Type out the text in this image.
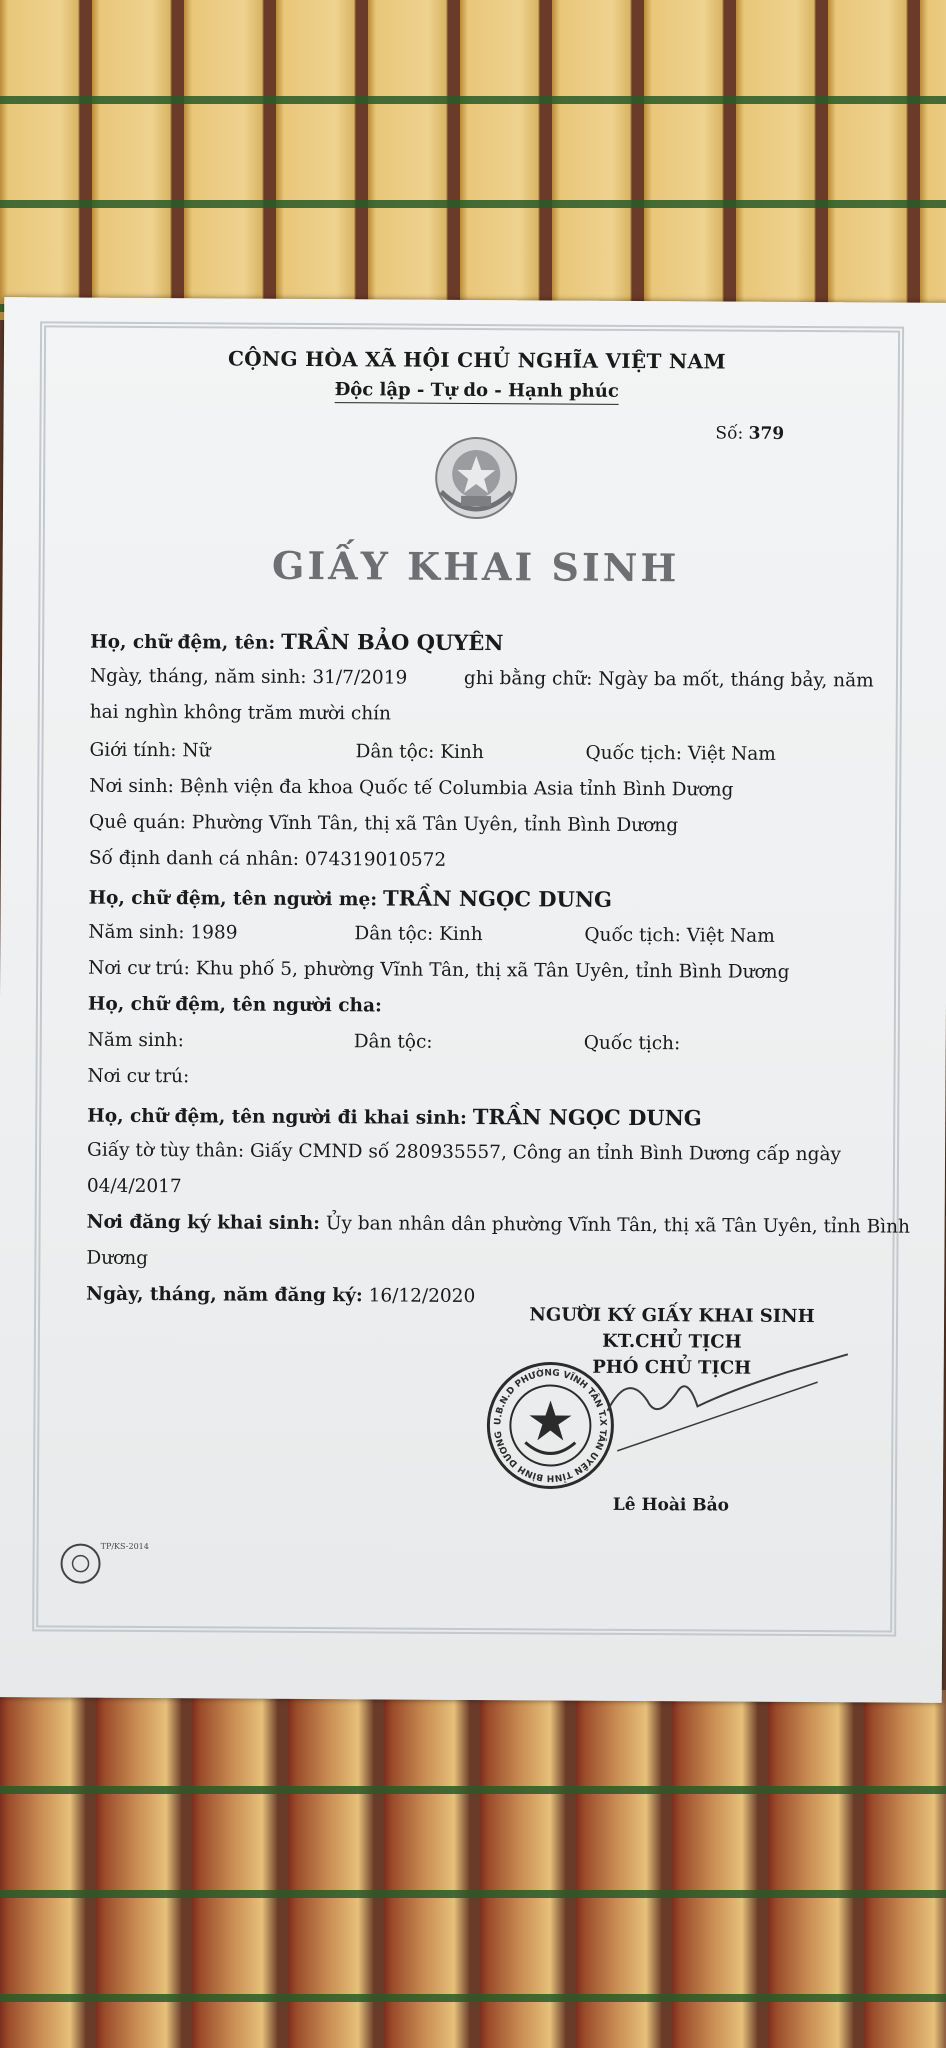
CỘNG HÒA XÃ HỘI CHỦ NGHĨA VIỆT NAM
Độc lập - Tự do - Hạnh phúc
Số: 379
GIẤY KHAI SINH
Họ, chữ đệm, tên: TRẦN BẢO QUYÊN
Ngày, tháng, năm sinh: 31/7/2019	ghi bằng chữ: Ngày ba mốt, tháng bảy, năm
hai nghìn không trăm mười chín
Giới tính: Nữ	Dân tộc: Kinh	Quốc tịch: Việt Nam
Nơi sinh: Bệnh viện đa khoa Quốc tế Columbia Asia tỉnh Bình Dương
Quê quán: Phường Vĩnh Tân, thị xã Tân Uyên, tỉnh Bình Dương
Số định danh cá nhân: 074319010572
Họ, chữ đệm, tên người mẹ: TRẦN NGỌC DUNG
Năm sinh: 1989	Dân tộc: Kinh	Quốc tịch: Việt Nam
Nơi cư trú: Khu phố 5, phường Vĩnh Tân, thị xã Tân Uyên, tỉnh Bình Dương
Họ, chữ đệm, tên người cha:
Năm sinh:	Dân tộc:	Quốc tịch:
Nơi cư trú:
Họ, chữ đệm, tên người đi khai sinh: TRẦN NGỌC DUNG
Giấy tờ tùy thân: Giấy CMND số 280935557, Công an tỉnh Bình Dương cấp ngày
04/4/2017
Nơi đăng ký khai sinh: Ủy ban nhân dân phường Vĩnh Tân, thị xã Tân Uyên, tỉnh Bình
Dương
Ngày, tháng, năm đăng ký: 16/12/2020
NGƯỜI KÝ GIẤY KHAI SINH
KT.CHỦ TỊCH
PHÓ CHỦ TỊCH
U.B.N.D PHƯỜNG VĨNH TÂN T.X TÂN UYÊN TỈNH BÌNH DƯƠNG
Lê Hoài Bảo
TP/KS-2014
